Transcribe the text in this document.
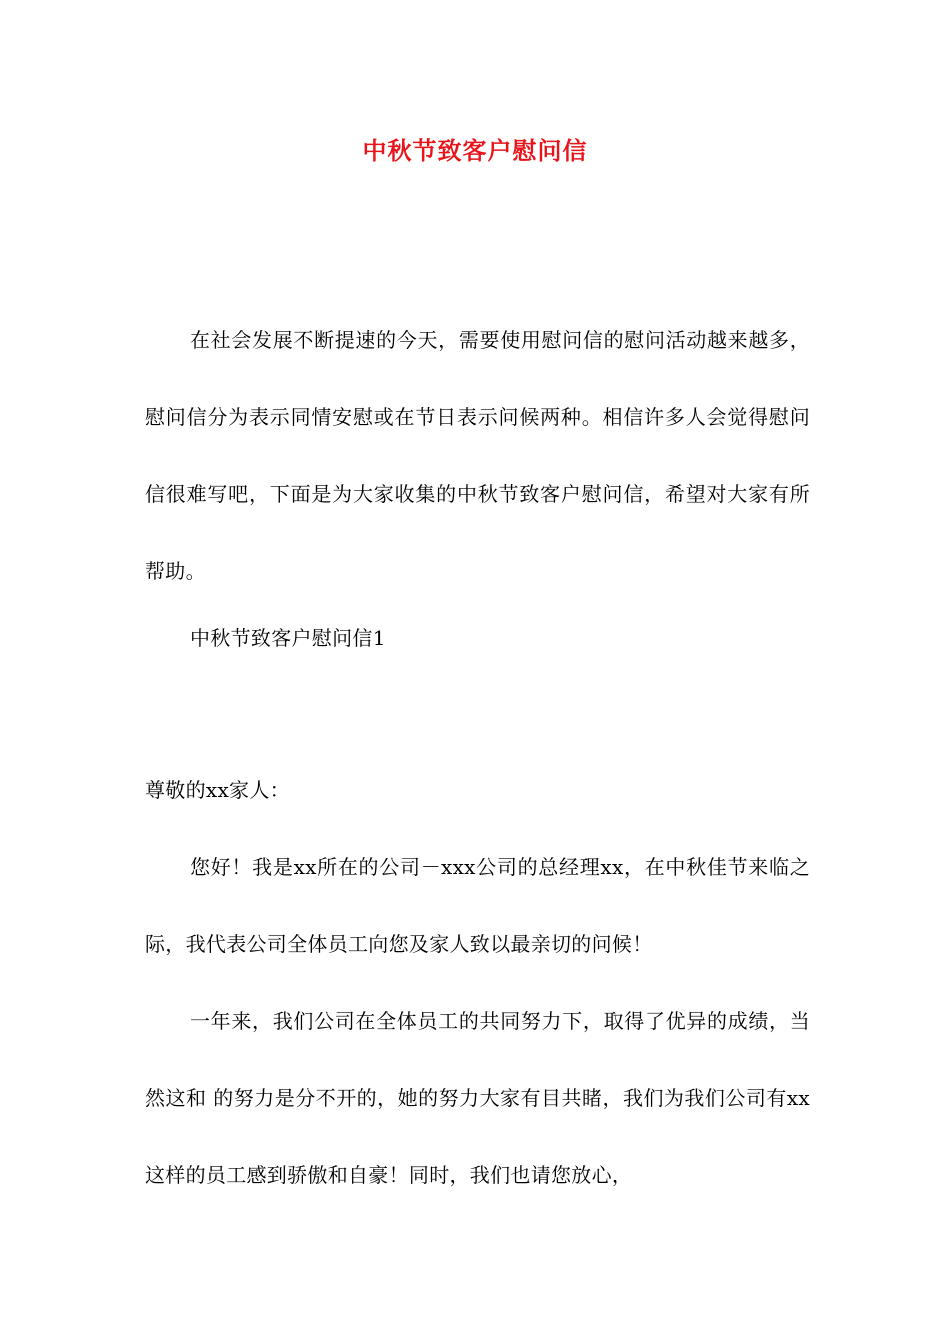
中秋节致客户慰问信

在社会发展不断提速的今天，需要使用慰问信的慰问活动越来越多，慰问信分为表示同情安慰或在节日表示问候两种。相信许多人会觉得慰问信很难写吧，下面是为大家收集的中秋节致客户慰问信，希望对大家有所帮助。

中秋节致客户慰问信1

尊敬的xx家人：

您好！我是xx所在的公司－xxx公司的总经理xx，在中秋佳节来临之际，我代表公司全体员工向您及家人致以最亲切的问候！

一年来，我们公司在全体员工的共同努力下，取得了优异的成绩，当然这和 的努力是分不开的，她的努力大家有目共睹，我们为我们公司有xx这样的员工感到骄傲和自豪！同时，我们也请您放心，
